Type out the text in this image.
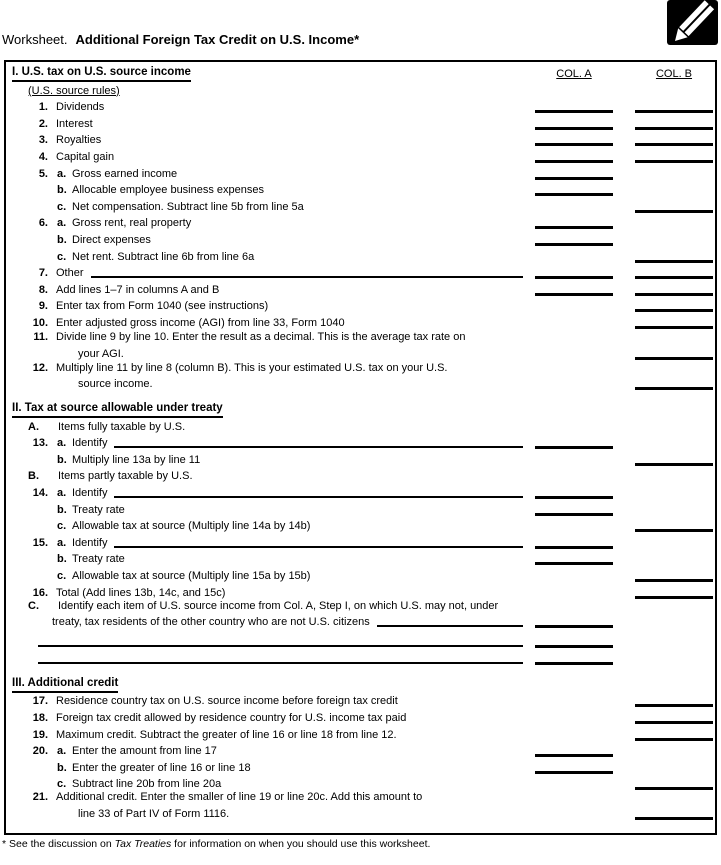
Worksheet. Additional Foreign Tax Credit on U.S. Income*
I. U.S. tax on U.S. source income	COL. A	COL. B
(U.S. source rules)
1. Dividends
2. Interest
3. Royalties
4. Capital gain
5. a. Gross earned income
b. Allocable employee business expenses
c. Net compensation. Subtract line 5b from line 5a
6. a. Gross rent, real property
b. Direct expenses
c. Net rent. Subtract line 6b from line 6a
7. Other
8. Add lines 1–7 in columns A and B
9. Enter tax from Form 1040 (see instructions)
10. Enter adjusted gross income (AGI) from line 33, Form 1040
11. Divide line 9 by line 10. Enter the result as a decimal. This is the average tax rate on
your AGI.
12. Multiply line 11 by line 8 (column B). This is your estimated U.S. tax on your U.S.
source income.
II. Tax at source allowable under treaty
A.	Items fully taxable by U.S.
13. a. Identify
b. Multiply line 13a by line 11
B.	Items partly taxable by U.S.
14. a. Identify
b. Treaty rate
c. Allowable tax at source (Multiply line 14a by 14b)
15. a. Identify
b. Treaty rate
c. Allowable tax at source (Multiply line 15a by 15b)
16. Total (Add lines 13b, 14c, and 15c)
C.	Identify each item of U.S. source income from Col. A, Step I, on which U.S. may not, under
treaty, tax residents of the other country who are not U.S. citizens
III. Additional credit
17. Residence country tax on U.S. source income before foreign tax credit
18. Foreign tax credit allowed by residence country for U.S. income tax paid
19. Maximum credit. Subtract the greater of line 16 or line 18 from line 12.
20. a. Enter the amount from line 17
b. Enter the greater of line 16 or line 18
c. Subtract line 20b from line 20a
21. Additional credit. Enter the smaller of line 19 or line 20c. Add this amount to
line 33 of Part IV of Form 1116.
* See the discussion on Tax Treaties for information on when you should use this worksheet.
